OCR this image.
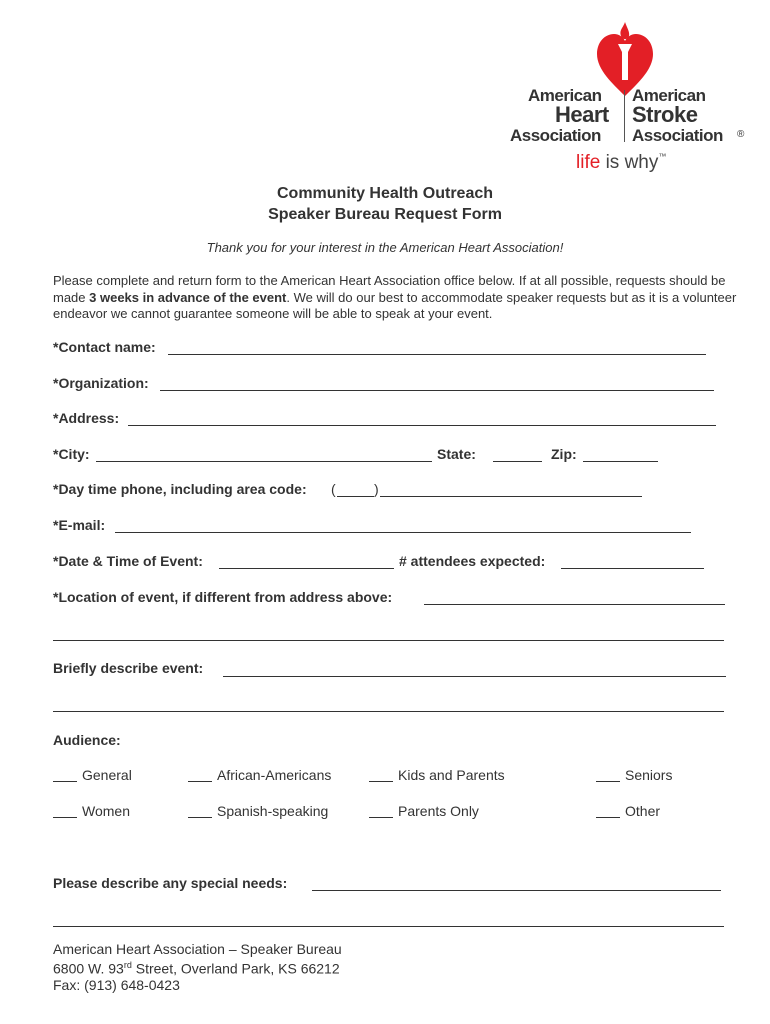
American
Heart
Association
American
Stroke
Association ®
life is why™
Community Health Outreach
Speaker Bureau Request Form
Thank you for your interest in the American Heart Association!
Please complete and return form to the American Heart Association office below. If at all possible, requests should be made 3 weeks in advance of the event. We will do our best to accommodate speaker requests but as it is a volunteer endeavor we cannot guarantee someone will be able to speak at your event.
*Contact name:
*Organization:
*Address:
*City:	State:	Zip:
*Day time phone, including area code: (	)
*E-mail:
*Date & Time of Event:	# attendees expected:
*Location of event, if different from address above:
Briefly describe event:
Audience:
General	African-Americans	Kids and Parents	Seniors
Women	Spanish-speaking	Parents Only	Other
Please describe any special needs:
American Heart Association – Speaker Bureau
6800 W. 93rd Street, Overland Park, KS 66212
Fax: (913) 648-0423
